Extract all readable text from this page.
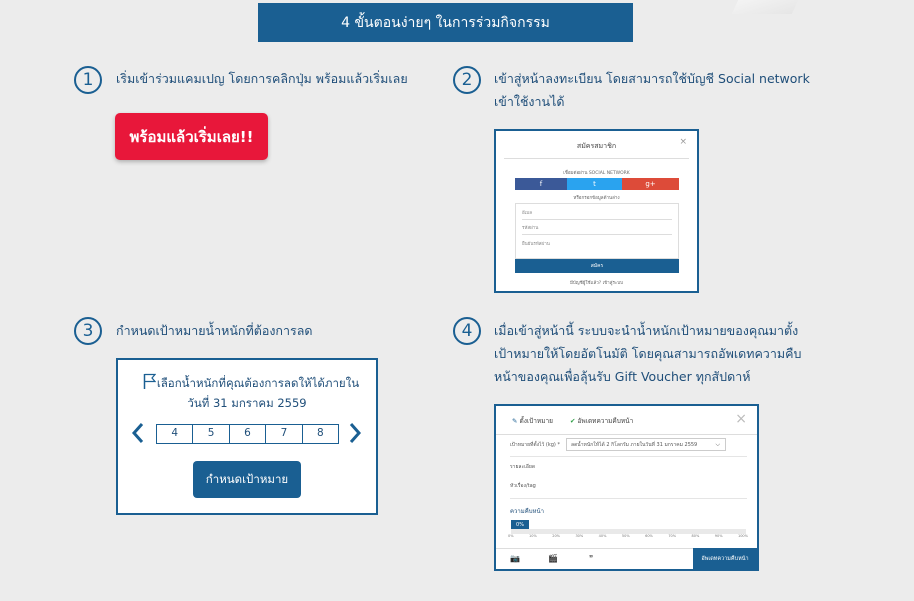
4 ขั้นตอนง่ายๆ ในการร่วมกิจกรรม
1	เริ่มเข้าร่วมแคมเปญ โดยการคลิกปุ่ม พร้อมแล้วเริ่มเลย
พร้อมแล้วเริ่มเลย!!
2	เข้าสู่หน้าลงทะเบียน โดยสามารถใช้บัญชี Social network
เข้าใช้งานได้
สมัครสมาชิก	×
เชื่อมต่อผ่าน SOCIAL NETWORK
f	t	g+
หรือกรอกข้อมูลด้านล่าง
อีเมล
รหัสผ่าน
ยืนยันรหัสผ่าน
สมัคร
มีบัญชีผู้ใช้แล้ว? เข้าสู่ระบบ
3	กำหนดเป้าหมายน้ำหนักที่ต้องการลด
เลือกน้ำหนักที่คุณต้องการลดให้ได้ภายใน
วันที่ 31 มกราคม 2559
4	5	6	7	8
กำหนดเป้าหมาย
4	เมื่อเข้าสู่หน้านี้ ระบบจะนำน้ำหนักเป้าหมายของคุณมาตั้ง
เป้าหมายให้โดยอัตโนมัติ โดยคุณสามารถอัพเดทความคืบ
หน้าของคุณเพื่อลุ้นรับ Gift Voucher ทุกสัปดาห์
✎ ตั้งเป้าหมาย	✔ อัพเดทความคืบหน้า	×
เป้าหมายที่ตั้งไว้ (kg) * ลดน้ำหนักให้ได้ 2 กิโลกรัม ภายในวันที่ 31 มกราคม 2559	⌵
รายละเอียด
หัวเรื่อง/tag
ความคืบหน้า
0%
0%	10%	20%	30%	40%	50%	60%	70%	80%	90%	100%
📷	🎬	❞	อัพเดทความคืบหน้า
